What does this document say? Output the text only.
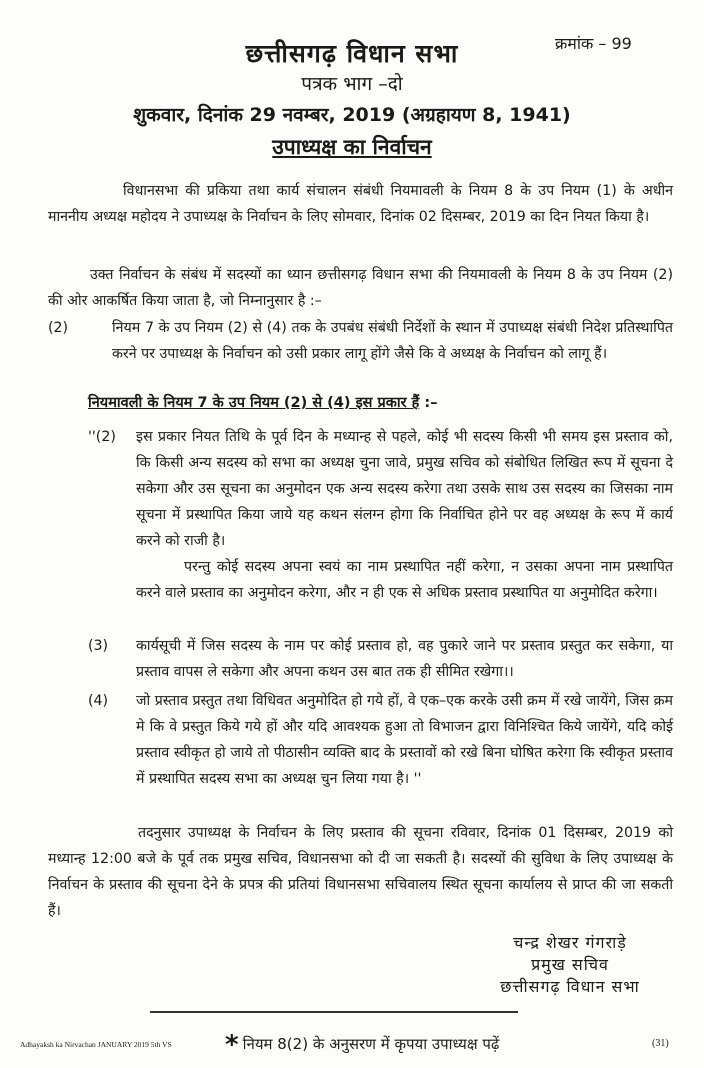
क्रमांक – 99
छत्तीसगढ़ विधान सभा
पत्रक भाग –दो
शुकवार, दिनांक 29 नवम्बर, 2019 (अग्रहायण 8, 1941)
उपाध्यक्ष का निर्वाचन
विधानसभा की प्रकिया तथा कार्य संचालन संबंधी नियमावली के नियम 8 के उप नियम (1) के अधीन माननीय अध्यक्ष महोदय ने उपाध्यक्ष के निर्वाचन के लिए सोमवार, दिनांक 02 दिसम्बर, 2019 का दिन नियत किया है।
उक्त निर्वाचन के संबंध में सदस्यों का ध्यान छत्तीसगढ़ विधान सभा की नियमावली के नियम 8 के उप नियम (2) की ओर आकर्षित किया जाता है, जो निम्नानुसार है :–
(2)	नियम 7 के उप नियम (2) से (4) तक के उपबंध संबंधी निर्देशों के स्थान में उपाध्यक्ष संबंधी निदेश प्रतिस्थापित करने पर उपाध्यक्ष के निर्वाचन को उसी प्रकार लागू होंगे जैसे कि वे अध्यक्ष के निर्वाचन को लागू हैं।
नियमावली के नियम 7 के उप नियम (2) से (4) इस प्रकार हैं :–
''(2)	इस प्रकार नियत तिथि के पूर्व दिन के मध्यान्ह से पहले, कोई भी सदस्य किसी भी समय इस प्रस्ताव को, कि किसी अन्य सदस्य को सभा का अध्यक्ष चुना जावे, प्रमुख सचिव को संबोधित लिखित रूप में सूचना दे सकेगा और उस सूचना का अनुमोदन एक अन्य सदस्य करेगा तथा उसके साथ उस सदस्य का जिसका नाम सूचना में प्रस्थापित किया जाये यह कथन संलग्न होगा कि निर्वाचित होने पर वह अध्यक्ष के रूप में कार्य करने को राजी है।
परन्तु कोई सदस्य अपना स्वयं का नाम प्रस्थापित नहीं करेगा, न उसका अपना नाम प्रस्थापित करने वाले प्रस्ताव का अनुमोदन करेगा, और न ही एक से अधिक प्रस्ताव प्रस्थापित या अनुमोदित करेगा।
(3)	कार्यसूची में जिस सदस्य के नाम पर कोई प्रस्ताव हो, वह पुकारे जाने पर प्रस्ताव प्रस्तुत कर सकेगा, या प्रस्ताव वापस ले सकेगा और अपना कथन उस बात तक ही सीमित रखेगा।।
(4)	जो प्रस्ताव प्रस्तुत तथा विधिवत अनुमोदित हो गये हों, वे एक–एक करके उसी क्रम में रखे जायेंगे, जिस क्रम मे कि वे प्रस्तुत किये गये हों और यदि आवश्यक हुआ तो विभाजन द्वारा विनिश्चित किये जायेंगे, यदि कोई प्रस्ताव स्वीकृत हो जाये तो पीठासीन व्यक्ति बाद के प्रस्तावों को रखे बिना घोषित करेगा कि स्वीकृत प्रस्ताव में प्रस्थापित सदस्य सभा का अध्यक्ष चुन लिया गया है। ''
तदनुसार उपाध्यक्ष के निर्वाचन के लिए प्रस्ताव की सूचना रविवार, दिनांक 01 दिसम्बर, 2019 को मध्यान्ह 12:00 बजे के पूर्व तक प्रमुख सचिव, विधानसभा को दी जा सकती है। सदस्यों की सुविधा के लिए उपाध्यक्ष के निर्वाचन के प्रस्ताव की सूचना देने के प्रपत्र की प्रतियां विधानसभा सचिवालय स्थित सूचना कार्यालय से प्राप्त की जा सकती हैं।
चन्द्र शेखर गंगराड़े
प्रमुख सचिव
छत्तीसगढ़ विधान सभा
Adhayaksh ka Nirvachan JANUARY 2019 5th VS * नियम 8(2) के अनुसरण में कृपया उपाध्यक्ष पढ़ें	(31)
